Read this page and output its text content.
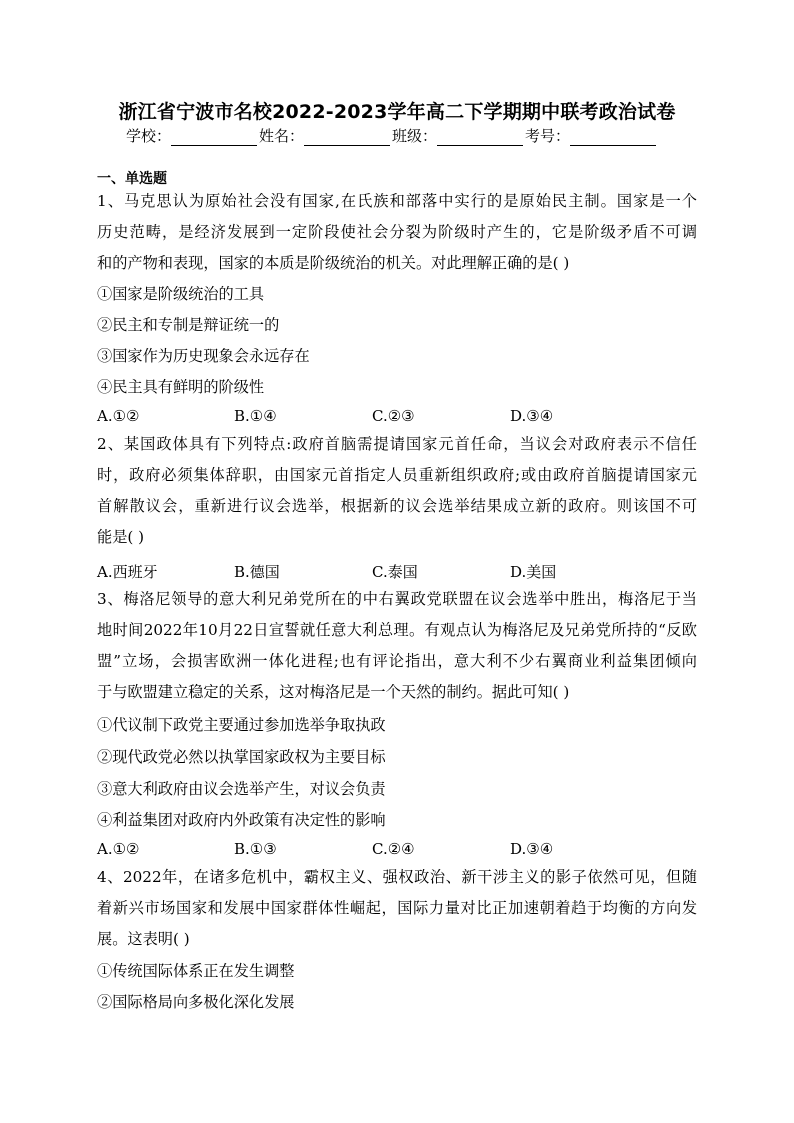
浙江省宁波市名校2022-2023学年高二下学期期中联考政治试卷
学校：	姓名：	班级：	考号：
一、单选题
1、马克思认为原始社会没有国家,在氏族和部落中实行的是原始民主制。国家是一个
历史范畴，是经济发展到一定阶段使社会分裂为阶级时产生的，它是阶级矛盾不可调
和的产物和表现，国家的本质是阶级统治的机关。对此理解正确的是( )
①国家是阶级统治的工具
②民主和专制是辩证统一的
③国家作为历史现象会永远存在
④民主具有鲜明的阶级性
A.①②	B.①④	C.②③	D.③④
2、某国政体具有下列特点:政府首脑需提请国家元首任命，当议会对政府表示不信任
时，政府必须集体辞职，由国家元首指定人员重新组织政府;或由政府首脑提请国家元
首解散议会，重新进行议会选举，根据新的议会选举结果成立新的政府。则该国不可
能是( )
A.西班牙	B.德国	C.泰国	D.美国
3、梅洛尼领导的意大利兄弟党所在的中右翼政党联盟在议会选举中胜出，梅洛尼于当
地时间2022年10月22日宣誓就任意大利总理。有观点认为梅洛尼及兄弟党所持的“反欧
盟”立场，会损害欧洲一体化进程;也有评论指出，意大利不少右翼商业利益集团倾向
于与欧盟建立稳定的关系，这对梅洛尼是一个天然的制约。据此可知( )
①代议制下政党主要通过参加选举争取执政
②现代政党必然以执掌国家政权为主要目标
③意大利政府由议会选举产生，对议会负责
④利益集团对政府内外政策有决定性的影响
A.①②	B.①③	C.②④	D.③④
4、2022年，在诸多危机中，霸权主义、强权政治、新干涉主义的影子依然可见，但随
着新兴市场国家和发展中国家群体性崛起，国际力量对比正加速朝着趋于均衡的方向发
展。这表明( )
①传统国际体系正在发生调整
②国际格局向多极化深化发展
